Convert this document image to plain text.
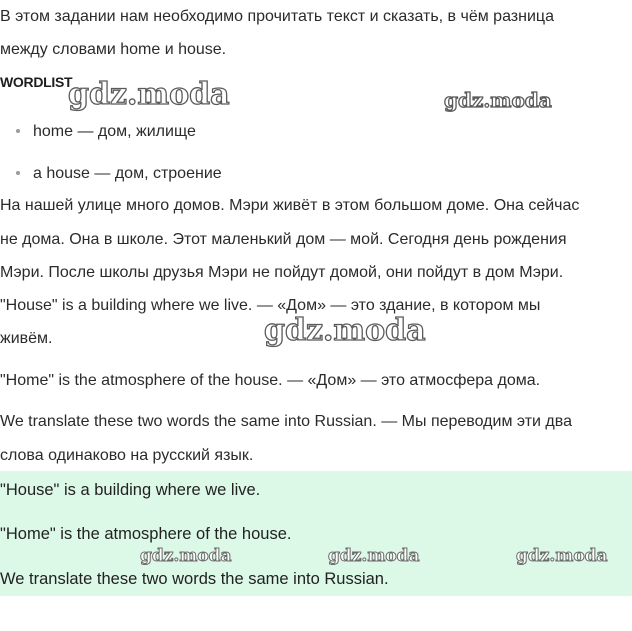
В этом задании нам необходимо прочитать текст и сказать, в чём разница
между словами home и house.
WORDLIST
home — дом, жилище
a house — дом, строение
На нашей улице много домов. Мэри живёт в этом большом доме. Она сейчас
не дома. Она в школе. Этот маленький дом — мой. Сегодня день рождения
Мэри. После школы друзья Мэри не пойдут домой, они пойдут в дом Мэри.
"House" is a building where we live. — «Дом» — это здание, в котором мы
живём.
"Home" is the atmosphere of the house. — «Дом» — это атмосфера дома.
We translate these two words the same into Russian. — Мы переводим эти два
слова одинаково на русский язык.
"House" is a building where we live.
"Home" is the atmosphere of the house.
We translate these two words the same into Russian.
gdz.moda	gdz.moda
gdz.moda
gdz.moda	gdz.moda	gdz.moda
